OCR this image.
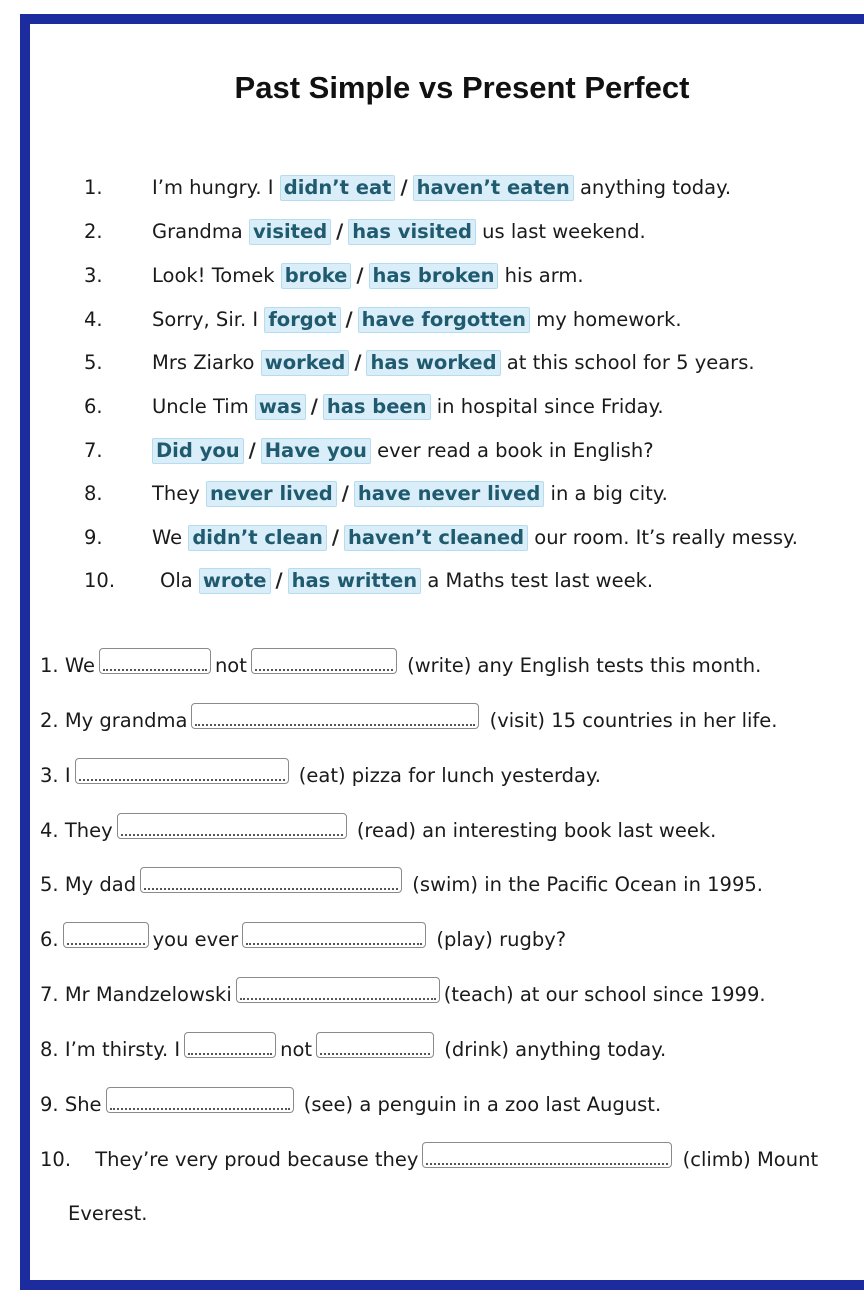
Past Simple vs Present Perfect
1.	I’m hungry. I didn’t eat / haven’t eaten anything today.
2.	Grandma visited / has visited us last weekend.
3.	Look! Tomek broke / has broken his arm.
4.	Sorry, Sir. I forgot / have forgotten my homework.
5.	Mrs Ziarko worked / has worked at this school for 5 years.
6.	Uncle Tim was / has been in hospital since Friday.
7.	Did you / Have you ever read a book in English?
8.	They never lived / have never lived in a big city.
9.	We didn’t clean / haven’t cleaned our room. It’s really messy.
10.	Ola wrote / has written a Maths test last week.
1. We	not	(write) any English tests this month.
2. My grandma	(visit) 15 countries in her life.
3. I	(eat) pizza for lunch yesterday.
4. They	(read) an interesting book last week.
5. My dad	(swim) in the Pacific Ocean in 1995.
6.	you ever	(play) rugby?
7. Mr Mandzelowski	(teach) at our school since 1999.
8. I’m thirsty. I	not	(drink) anything today.
9. She	(see) a penguin in a zoo last August.
10. They’re very proud because they	(climb) Mount
Everest.
